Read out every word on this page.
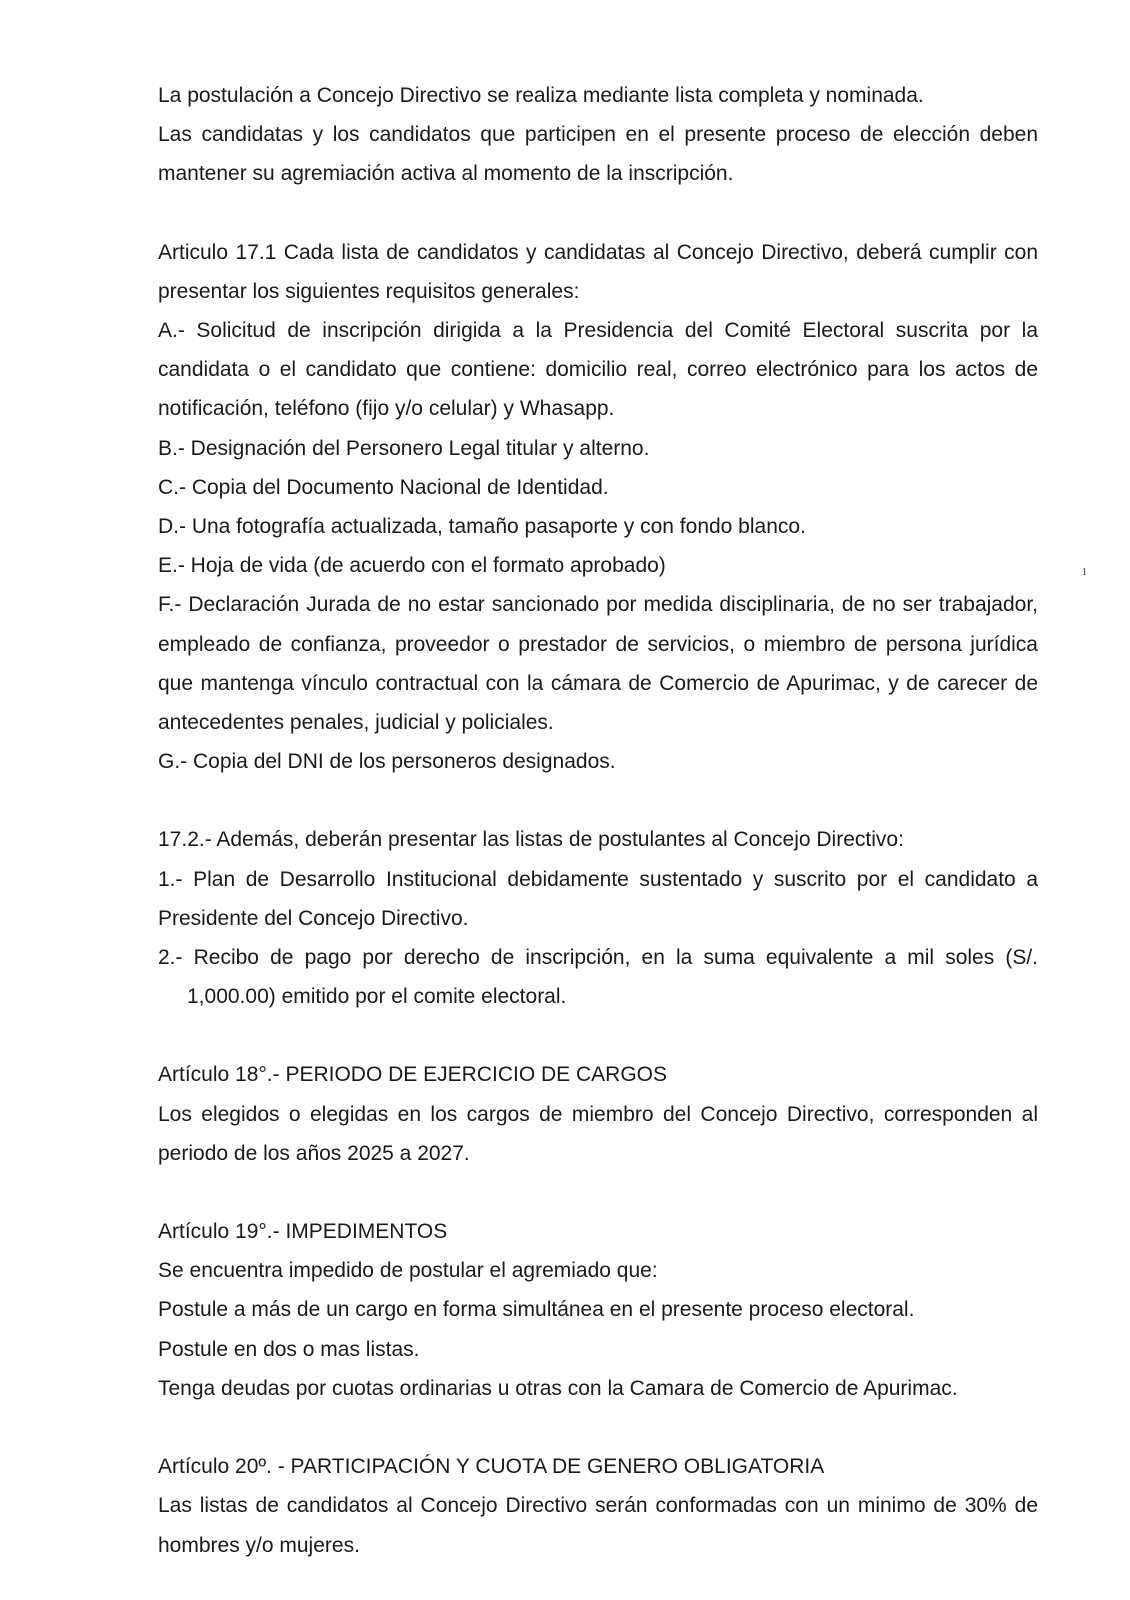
La postulación a Concejo Directivo se realiza mediante lista completa y nominada.

Las candidatas y los candidatos que participen en el presente proceso de elección deben mantener su agremiación activa al momento de la inscripción.

Articulo 17.1 Cada lista de candidatos y candidatas al Concejo Directivo, deberá cumplir con presentar los siguientes requisitos generales:

A.- Solicitud de inscripción dirigida a la Presidencia del Comité Electoral suscrita por la candidata o el candidato que contiene: domicilio real, correo electrónico para los actos de notificación, teléfono (fijo y/o celular) y Whasapp.

B.- Designación del Personero Legal titular y alterno.

C.- Copia del Documento Nacional de Identidad.

D.- Una fotografía actualizada, tamaño pasaporte y con fondo blanco.

E.- Hoja de vida (de acuerdo con el formato aprobado)

F.- Declaración Jurada de no estar sancionado por medida disciplinaria, de no ser trabajador, empleado de confianza, proveedor o prestador de servicios, o miembro de persona jurídica que mantenga vínculo contractual con la cámara de Comercio de Apurimac, y de carecer de antecedentes penales, judicial y policiales.

G.- Copia del DNI de los personeros designados.

17.2.- Además, deberán presentar las listas de postulantes al Concejo Directivo:

1.- Plan de Desarrollo Institucional debidamente sustentado y suscrito por el candidato a Presidente del Concejo Directivo.

2.- Recibo de pago por derecho de inscripción, en la suma equivalente a mil soles (S/. 1,000.00) emitido por el comite electoral.

Artículo 18°.- PERIODO DE EJERCICIO DE CARGOS

Los elegidos o elegidas en los cargos de miembro del Concejo Directivo, corresponden al periodo de los años 2025 a 2027.

Artículo 19°.- IMPEDIMENTOS

Se encuentra impedido de postular el agremiado que:

Postule a más de un cargo en forma simultánea en el presente proceso electoral.

Postule en dos o mas listas.

Tenga deudas por cuotas ordinarias u otras con la Camara de Comercio de Apurimac.

Artículo 20º. - PARTICIPACIÓN Y CUOTA DE GENERO OBLIGATORIA

Las listas de candidatos al Concejo Directivo serán conformadas con un minimo de 30% de hombres y/o mujeres.

1
